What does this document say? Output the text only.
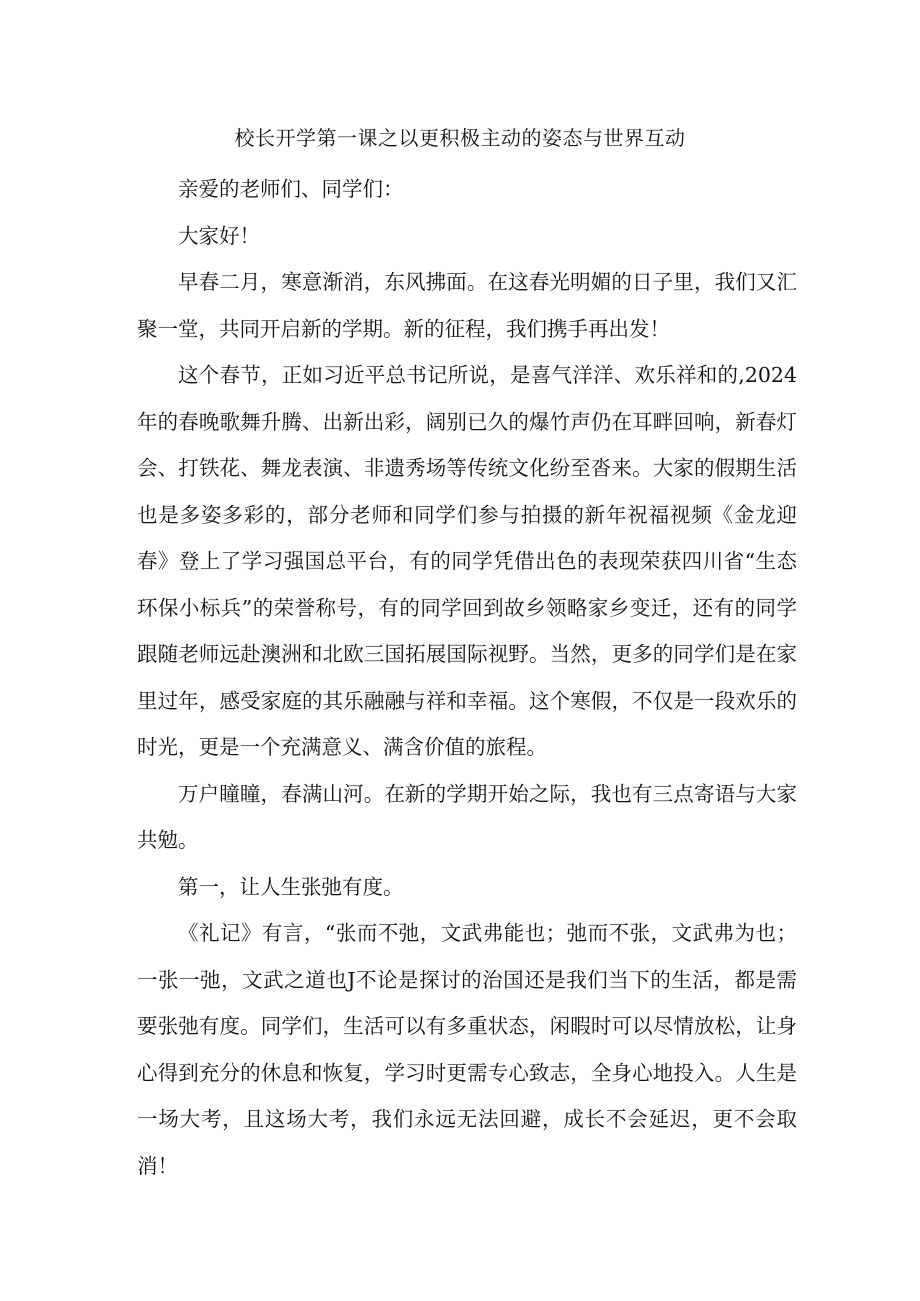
校长开学第一课之以更积极主动的姿态与世界互动

亲爱的老师们、同学们：

大家好！

早春二月，寒意渐消，东风拂面。在这春光明媚的日子里，我们又汇聚一堂，共同开启新的学期。新的征程，我们携手再出发！

这个春节，正如习近平总书记所说，是喜气洋洋、欢乐祥和的,2024年的春晚歌舞升腾、出新出彩，阔别已久的爆竹声仍在耳畔回响，新春灯会、打铁花、舞龙表演、非遗秀场等传统文化纷至沓来。大家的假期生活也是多姿多彩的，部分老师和同学们参与拍摄的新年祝福视频《金龙迎春》登上了学习强国总平台，有的同学凭借出色的表现荣获四川省“生态环保小标兵”的荣誉称号，有的同学回到故乡领略家乡变迁，还有的同学跟随老师远赴澳洲和北欧三国拓展国际视野。当然，更多的同学们是在家里过年，感受家庭的其乐融融与祥和幸福。这个寒假，不仅是一段欢乐的时光，更是一个充满意义、满含价值的旅程。

万户瞳瞳，春满山河。在新的学期开始之际，我也有三点寄语与大家共勉。

第一，让人生张弛有度。

《礼记》有言，“张而不弛，文武弗能也；弛而不张，文武弗为也；一张一弛，文武之道也J不论是探讨的治国还是我们当下的生活，都是需要张弛有度。同学们，生活可以有多重状态，闲暇时可以尽情放松，让身心得到充分的休息和恢复，学习时更需专心致志，全身心地投入。人生是一场大考，且这场大考，我们永远无法回避，成长不会延迟，更不会取消！
